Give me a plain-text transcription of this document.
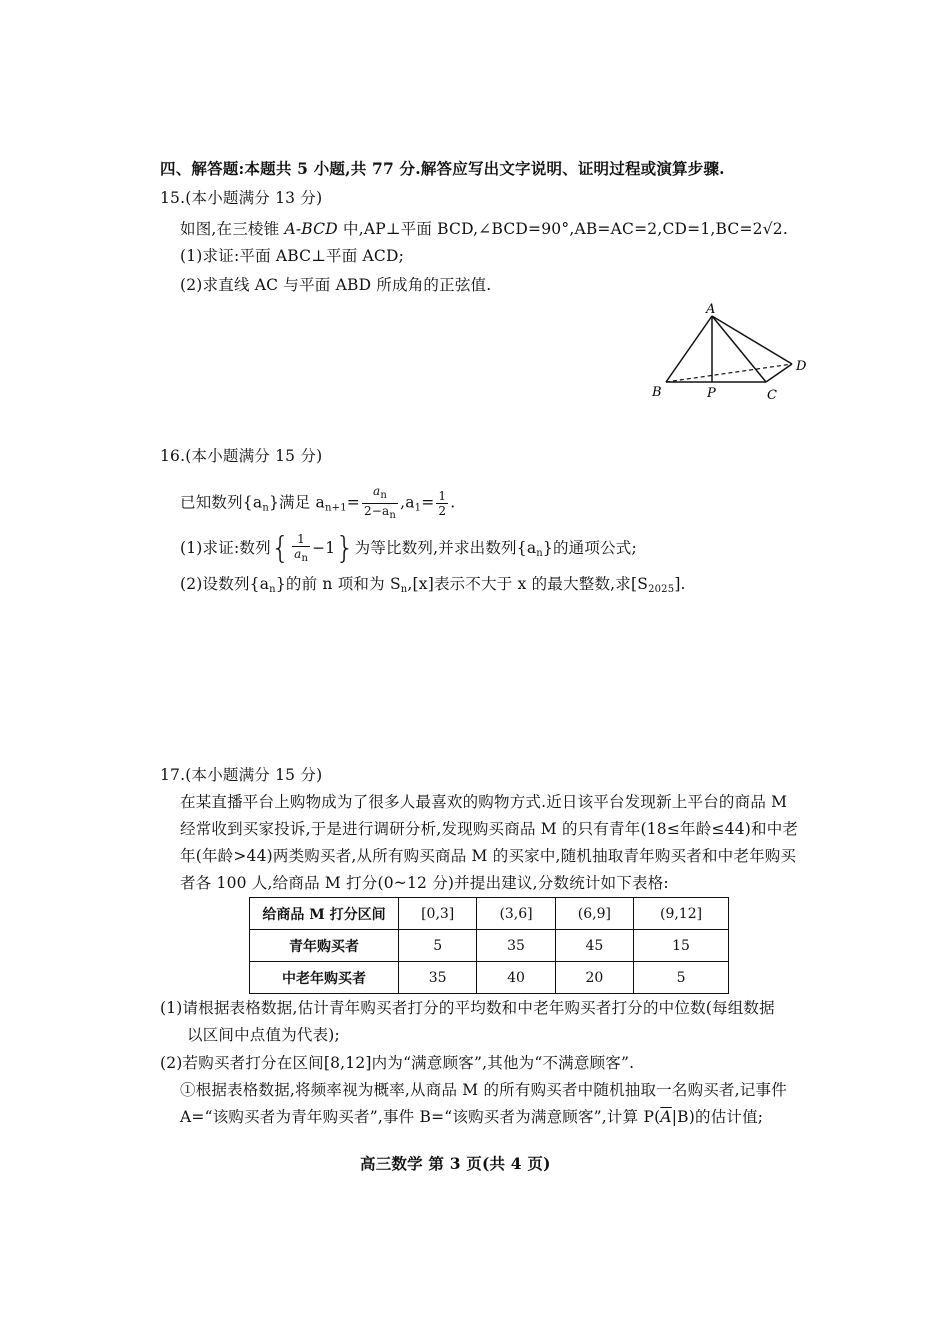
四、解答题:本题共 5 小题,共 77 分.解答应写出文字说明、证明过程或演算步骤.
15.(本小题满分 13 分)
如图,在三棱锥 A-BCD 中,AP⊥平面 BCD,∠BCD=90°,AB=AC=2,CD=1,BC=2√2.
(1)求证:平面 ABC⊥平面 ACD;
(2)求直线 AC 与平面 ABD 所成角的正弦值.
A
B	P	C
D
16.(本小题满分 15 分)
已知数列$\{a_n\}$满足 $a_{n+1}= \frac{a_n}{2-a_n} ,a_1= \frac{1}{2}$ .
(1)求证:数列{ $\frac{1}{a_n} -1$}为等比数列,并求出数列$\{a_n\}$的通项公式;
(2)设数列$\{a_n\}$的前 n 项和为 $S_n,[x]$表示不大于 x 的最大整数,求$[S_{2025}]$.
17.(本小题满分 15 分)
在某直播平台上购物成为了很多人最喜欢的购物方式.近日该平台发现新上平台的商品 M
经常收到买家投诉,于是进行调研分析,发现购买商品 M 的只有青年(18≤年龄≤44)和中老
年(年龄>44)两类购买者,从所有购买商品 M 的买家中,随机抽取青年购买者和中老年购买
者各 100 人,给商品 M 打分(0~12 分)并提出建议,分数统计如下表格:
给商品 M 打分区间	[0,3]	(3,6]	(6,9]	(9,12]
青年购买者	5	35	45	15
中老年购买者	35	40	20	5
(1)请根据表格数据,估计青年购买者打分的平均数和中老年购买者打分的中位数(每组数据
以区间中点值为代表);
(2)若购买者打分在区间[8,12]内为“满意顾客”,其他为“不满意顾客”.
①根据表格数据,将频率视为概率,从商品 M 的所有购买者中随机抽取一名购买者,记事件
A=“该购买者为青年购买者”,事件 B=“该购买者为满意顾客”,计算 $P(\overline{A}|B)$的估计值;
高三数学 第 3 页(共 4 页)
